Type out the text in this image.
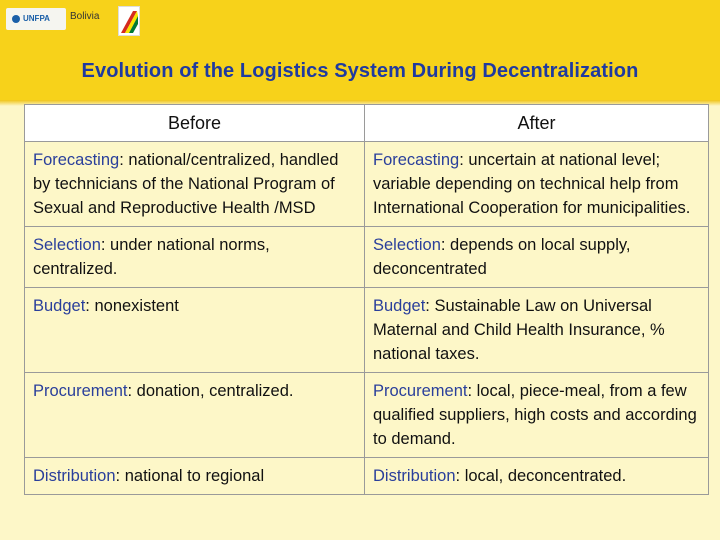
UNFPA	Bolivia
Evolution of the Logistics System During Decentralization
Before	After
Forecasting: national/centralized, handled by technicians of the National Program of Sexual and Reproductive Health /MSD	Forecasting: uncertain at national level; variable depending on technical help from International Cooperation for municipalities.
Selection: under national norms, centralized.	Selection: depends on local supply, deconcentrated
Budget: nonexistent	Budget: Sustainable Law on Universal Maternal and Child Health Insurance, % national taxes.
Procurement: donation, centralized.	Procurement: local, piece-meal, from a few qualified suppliers, high costs and according to demand.
Distribution: national to regional	Distribution: local, deconcentrated.
